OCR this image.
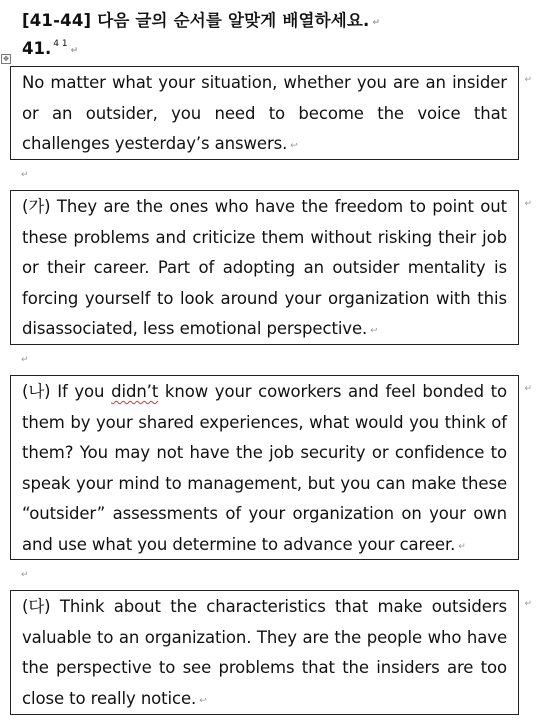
[41-44] 다음 글의 순서를 알맞게 배열하세요. ↵
41. $^{4 1}$↵
✥

No matter what your situation, whether you are an insider or an outsider, you need to become the voice that challenges yesterday’s answers. ↩

↵
↵

(가) They are the ones who have the freedom to point out these problems and criticize them without risking their job or their career. Part of adopting an outsider mentality is forcing yourself to look around your organization with this disassociated, less emotional perspective. ↩

↵
↵

(나) If you didn’t know your coworkers and feel bonded to them by your shared experiences, what would you think of them? You may not have the job security or confidence to speak your mind to management, but you can make these “outsider” assessments of your organization on your own and use what you determine to advance your career. ↵

↵
↵

(다) Think about the characteristics that make outsiders valuable to an organization. They are the people who have the perspective to see problems that the insiders are too close to really notice. ↩

↵
